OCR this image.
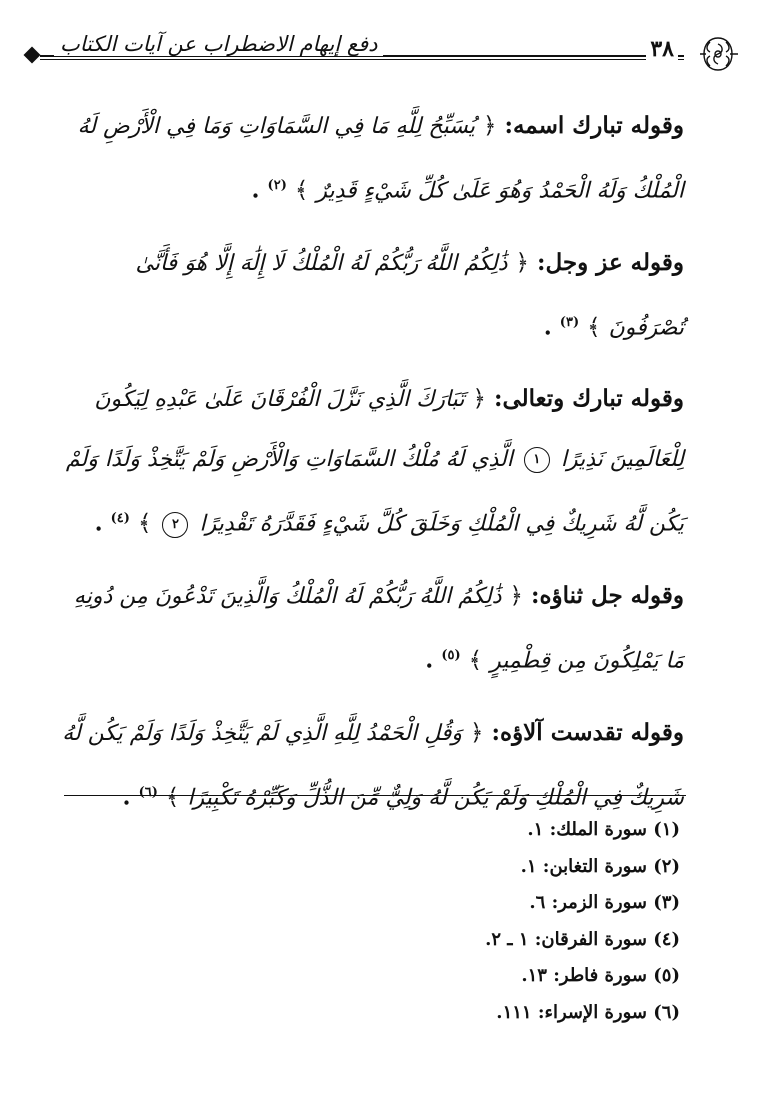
دفع إيهام الاضطراب عن آيات الكتاب	٣٨

وقوله تبارك اسمه: ﴿ يُسَبِّحُ لِلَّهِ مَا فِي السَّمَاوَاتِ وَمَا فِي الْأَرْضِ لَهُ الْمُلْكُ وَلَهُ الْحَمْدُ وَهُوَ عَلَىٰ كُلِّ شَيْءٍ قَدِيرٌ ﴾ $^{(٢)}$ .

وقوله عز وجل: ﴿ ذَٰلِكُمُ اللَّهُ رَبُّكُمْ لَهُ الْمُلْكُ لَا إِلَٰهَ إِلَّا هُوَ فَأَنَّىٰ تُصْرَفُونَ ﴾ $^{(٣)}$ .

وقوله تبارك وتعالى: ﴿ تَبَارَكَ الَّذِي نَزَّلَ الْفُرْقَانَ عَلَىٰ عَبْدِهِ لِيَكُونَ لِلْعَالَمِينَ نَذِيرًا ١ الَّذِي لَهُ مُلْكُ السَّمَاوَاتِ وَالْأَرْضِ وَلَمْ يَتَّخِذْ وَلَدًا وَلَمْ يَكُن لَّهُ شَرِيكٌ فِي الْمُلْكِ وَخَلَقَ كُلَّ شَيْءٍ فَقَدَّرَهُ تَقْدِيرًا ٢ ﴾ $^{(٤)}$ .

وقوله جل ثناؤه: ﴿ ذَٰلِكُمُ اللَّهُ رَبُّكُمْ لَهُ الْمُلْكُ وَالَّذِينَ تَدْعُونَ مِن دُونِهِ مَا يَمْلِكُونَ مِن قِطْمِيرٍ ﴾ $^{(٥)}$ .

وقوله تقدست آلاؤه: ﴿ وَقُلِ الْحَمْدُ لِلَّهِ الَّذِي لَمْ يَتَّخِذْ وَلَدًا وَلَمْ يَكُن لَّهُ شَرِيكٌ فِي الْمُلْكِ وَلَمْ يَكُن لَّهُ وَلِيٌّ مِّنَ الذُّلِّ وَكَبِّرْهُ تَكْبِيرًا ﴾ $^{(٦)}$ .

(١) سورة الملك: ١.
(٢) سورة التغابن: ١.
(٣) سورة الزمر: ٦.
(٤) سورة الفرقان: ١ ـ ٢.
(٥) سورة فاطر: ١٣.
(٦) سورة الإسراء: ١١١.
